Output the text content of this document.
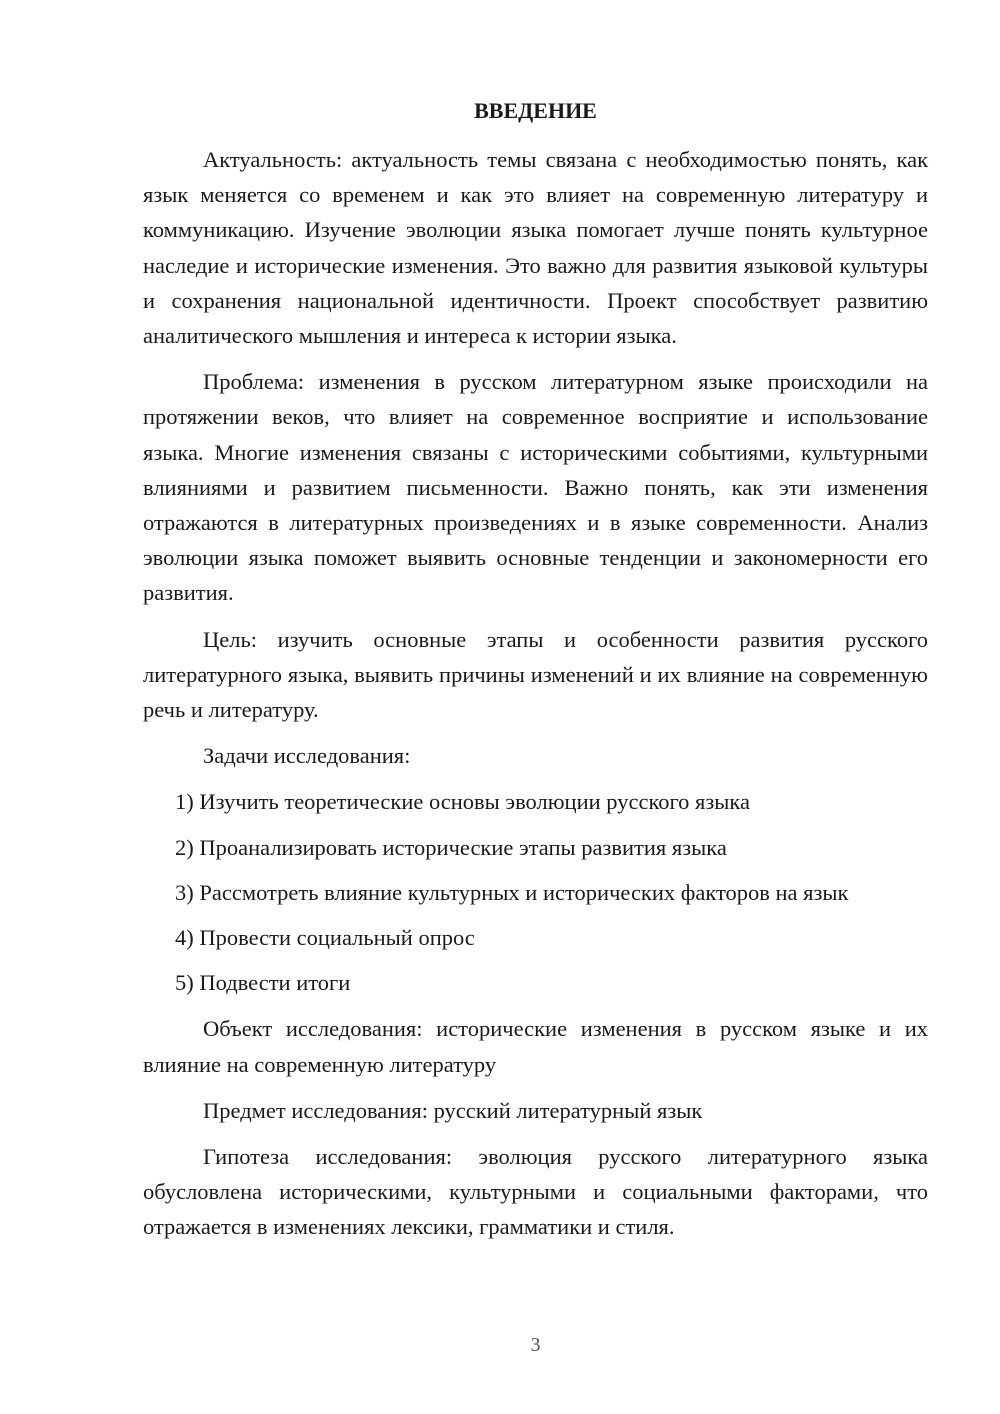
ВВЕДЕНИЕ

Актуальность: актуальность темы связана с необходимостью понять, как язык меняется со временем и как это влияет на современную литературу и коммуникацию. Изучение эволюции языка помогает лучше понять культурное наследие и исторические изменения. Это важно для развития языковой культуры и сохранения национальной идентичности. Проект способствует развитию аналитического мышления и интереса к истории языка.

Проблема: изменения в русском литературном языке происходили на протяжении веков, что влияет на современное восприятие и использование языка. Многие изменения связаны с историческими событиями, культурными влияниями и развитием письменности. Важно понять, как эти изменения отражаются в литературных произведениях и в языке современности. Анализ эволюции языка поможет выявить основные тенденции и закономерности его развития.

Цель: изучить основные этапы и особенности развития русского литературного языка, выявить причины изменений и их влияние на современную речь и литературу.

Задачи исследования:

1) Изучить теоретические основы эволюции русского языка
2) Проанализировать исторические этапы развития языка
3) Рассмотреть влияние культурных и исторических факторов на язык
4) Провести социальный опрос
5) Подвести итоги

Объект исследования: исторические изменения в русском языке и их влияние на современную литературу

Предмет исследования: русский литературный язык

Гипотеза исследования: эволюция русского литературного языка обусловлена историческими, культурными и социальными факторами, что отражается в изменениях лексики, грамматики и стиля.

3
